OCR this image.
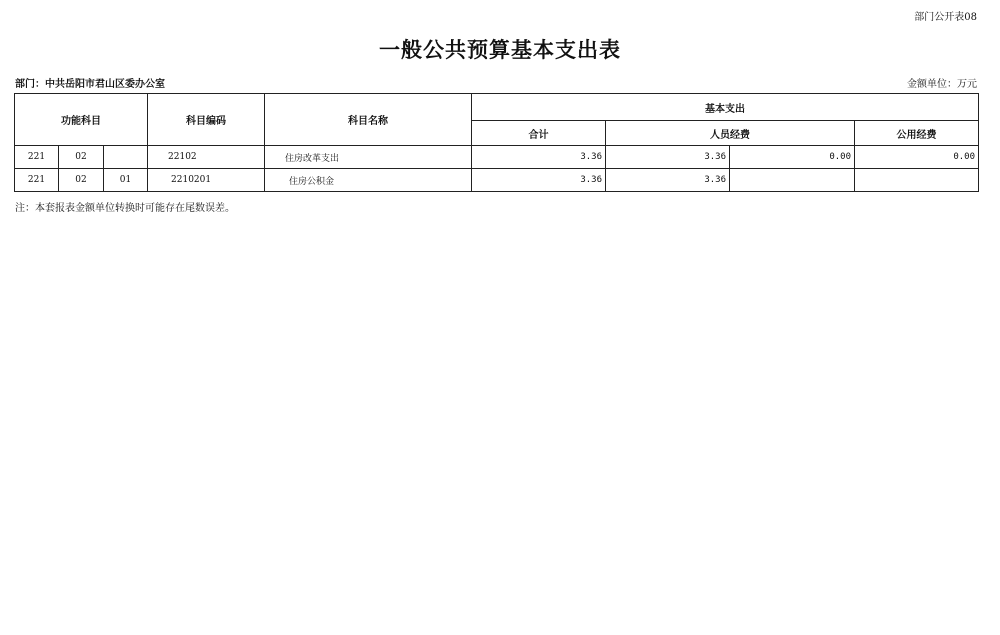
部门公开表08
一般公共预算基本支出表
部门：中共岳阳市君山区委办公室	金额单位：万元
功能科目			科目编码	科目名称	基本支出			
					合计	人员经费		公用经费
221	02		22102	住房改革支出	3.36	3.36	0.00	0.00
221	02	01	2210201	住房公积金	3.36	3.36		
注：本套报表金额单位转换时可能存在尾数误差。
